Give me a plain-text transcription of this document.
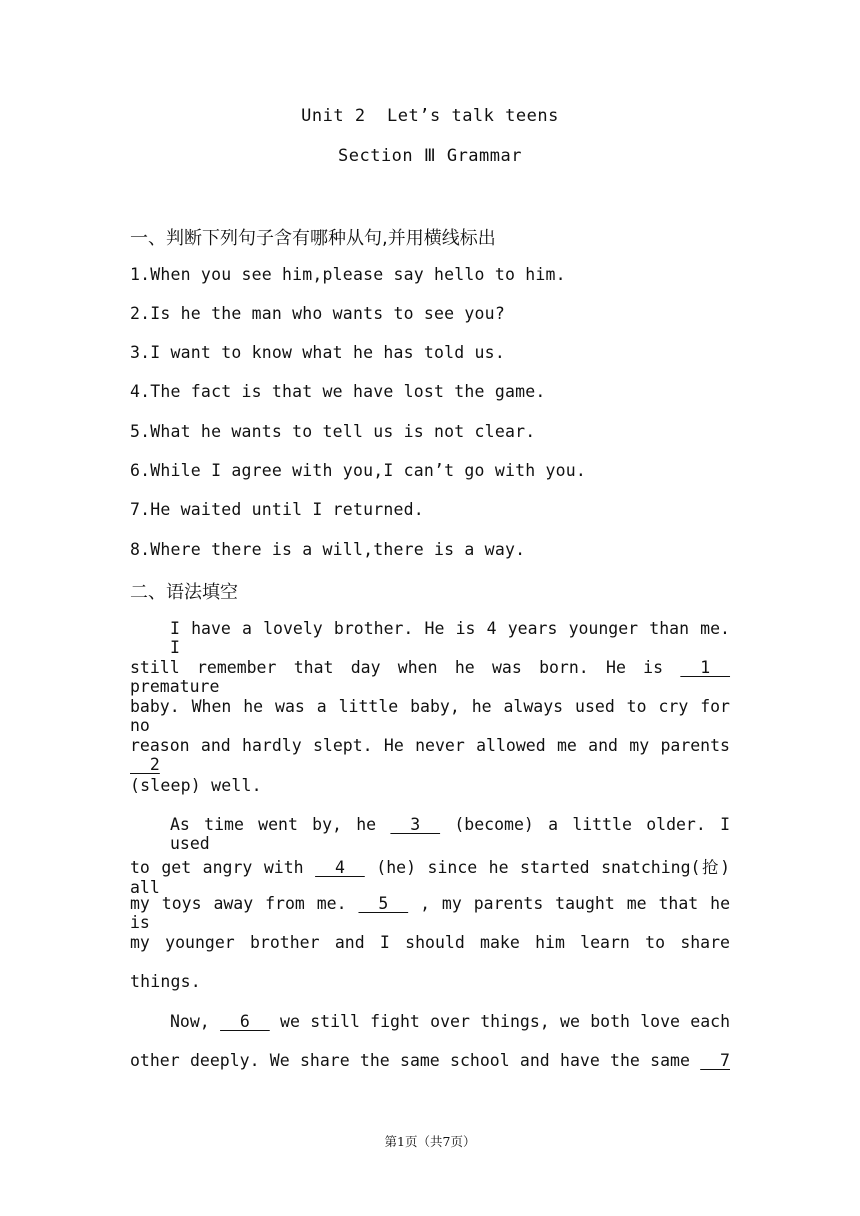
Unit 2  Let’s talk teens
Section Ⅲ Grammar
一、判断下列句子含有哪种从句,并用横线标出
1.When you see him,please say hello to him.
2.Is he the man who wants to see you?
3.I want to know what he has told us.
4.The fact is that we have lost the game.
5.What he wants to tell us is not clear.
6.While I agree with you,I can’t go with you.
7.He waited until I returned.
8.Where there is a will,there is a way.
二、语法填空
I have a lovely brother. He is 4 years younger than me. I
still remember that day when he was born. He is   1   premature
baby. When he was a little baby, he always used to cry for no
reason and hardly slept. He never allowed me and my parents   2
(sleep) well.
As time went by, he   3   (become) a little older. I used
to get angry with   4   (he) since he started snatching(抢) all
my toys away from me.   5   , my parents taught me that he is
my younger brother and I should make him learn to share
things.
Now,   6   we still fight over things, we both love each
other deeply. We share the same school and have the same   7
第1页（共7页）
